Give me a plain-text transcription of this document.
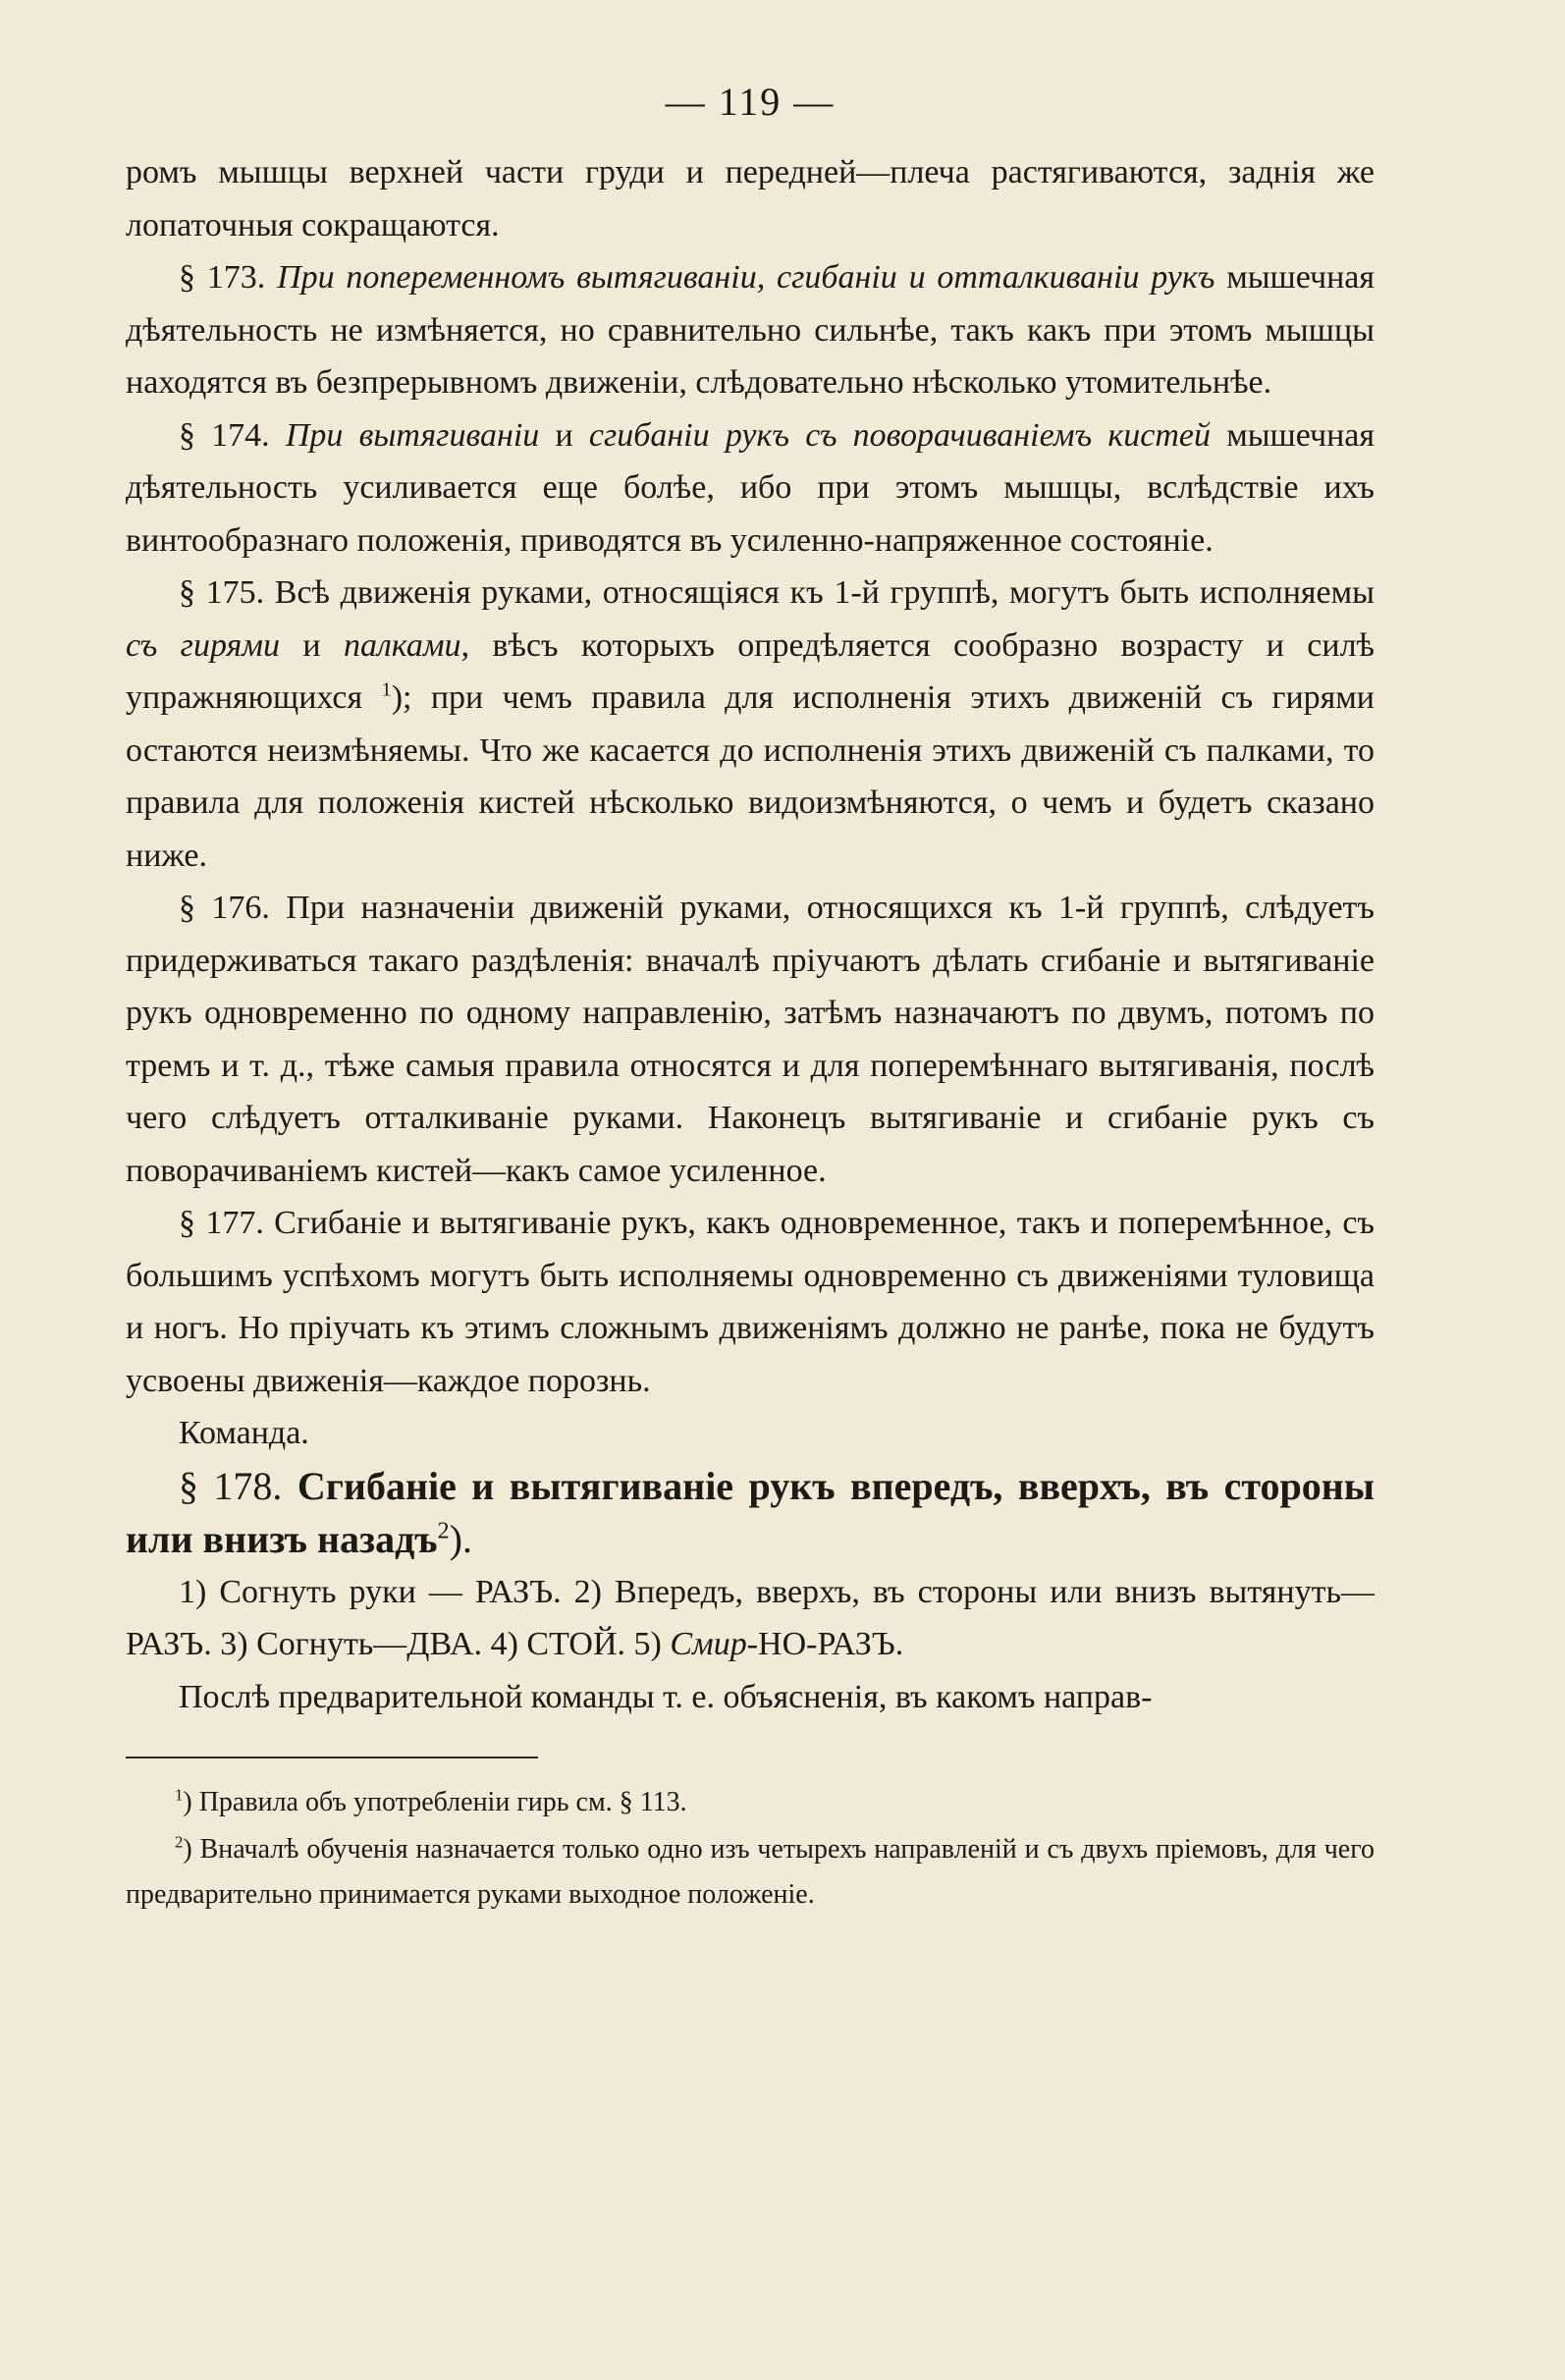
— 119 —

ромъ мышцы верхней части груди и передней—плеча растягиваются, заднія же лопаточныя сокращаются.

§ 173. При попеременномъ вытягиваніи, сгибаніи и отталкиваніи рукъ мышечная дѣятельность не измѣняется, но сравнительно сильнѣе, такъ какъ при этомъ мышцы находятся въ безпрерывномъ движеніи, слѣдовательно нѣсколько утомительнѣе.

§ 174. При вытягиваніи и сгибаніи рукъ съ поворачиваніемъ кистей мышечная дѣятельность усиливается еще болѣе, ибо при этомъ мышцы, вслѣдствіе ихъ винтообразнаго положенія, приводятся въ усиленно-напряженное состояніе.

§ 175. Всѣ движенія руками, относящіяся къ 1-й группѣ, могутъ быть исполняемы съ гирями и палками, вѣсъ которыхъ опредѣляется сообразно возрасту и силѣ упражняющихся $^1$); при чемъ правила для исполненія этихъ движеній съ гирями остаются неизмѣняемы. Что же касается до исполненія этихъ движеній съ палками, то правила для положенія кистей нѣсколько видоизмѣняются, о чемъ и будетъ сказано ниже.

§ 176. При назначеніи движеній руками, относящихся къ 1-й группѣ, слѣдуетъ придерживаться такаго раздѣленія: вначалѣ пріучаютъ дѣлать сгибаніе и вытягиваніе рукъ одновременно по одному направленію, затѣмъ назначаютъ по двумъ, потомъ по тремъ и т. д., тѣже самыя правила относятся и для поперемѣннаго вытягиванія, послѣ чего слѣдуетъ отталкиваніе руками. Наконецъ вытягиваніе и сгибаніе рукъ съ поворачиваніемъ кистей—какъ самое усиленное.

§ 177. Сгибаніе и вытягиваніе рукъ, какъ одновременное, такъ и поперемѣнное, съ большимъ успѣхомъ могутъ быть исполняемы одновременно съ движеніями туловища и ногъ. Но пріучать къ этимъ сложнымъ движеніямъ должно не ранѣе, пока не будутъ усвоены движенія—каждое порознь.

Команда.

§ 178. Сгибаніе и вытягиваніе рукъ впередъ, вверхъ, въ стороны или внизъ назадъ$^2$).

1) Согнуть руки — РАЗЪ. 2) Впередъ, вверхъ, въ стороны или внизъ вытянуть—РАЗЪ. 3) Согнуть—ДВА. 4) СТОЙ. 5) Смир-НО-РАЗЪ.

Послѣ предварительной команды т. е. объясненія, въ какомъ направ-

$^1$) Правила объ употребленіи гирь см. § 113.

$^2$) Вначалѣ обученія назначается только одно изъ четырехъ направленій и съ двухъ пріемовъ, для чего предварительно принимается руками выходное положеніе.
